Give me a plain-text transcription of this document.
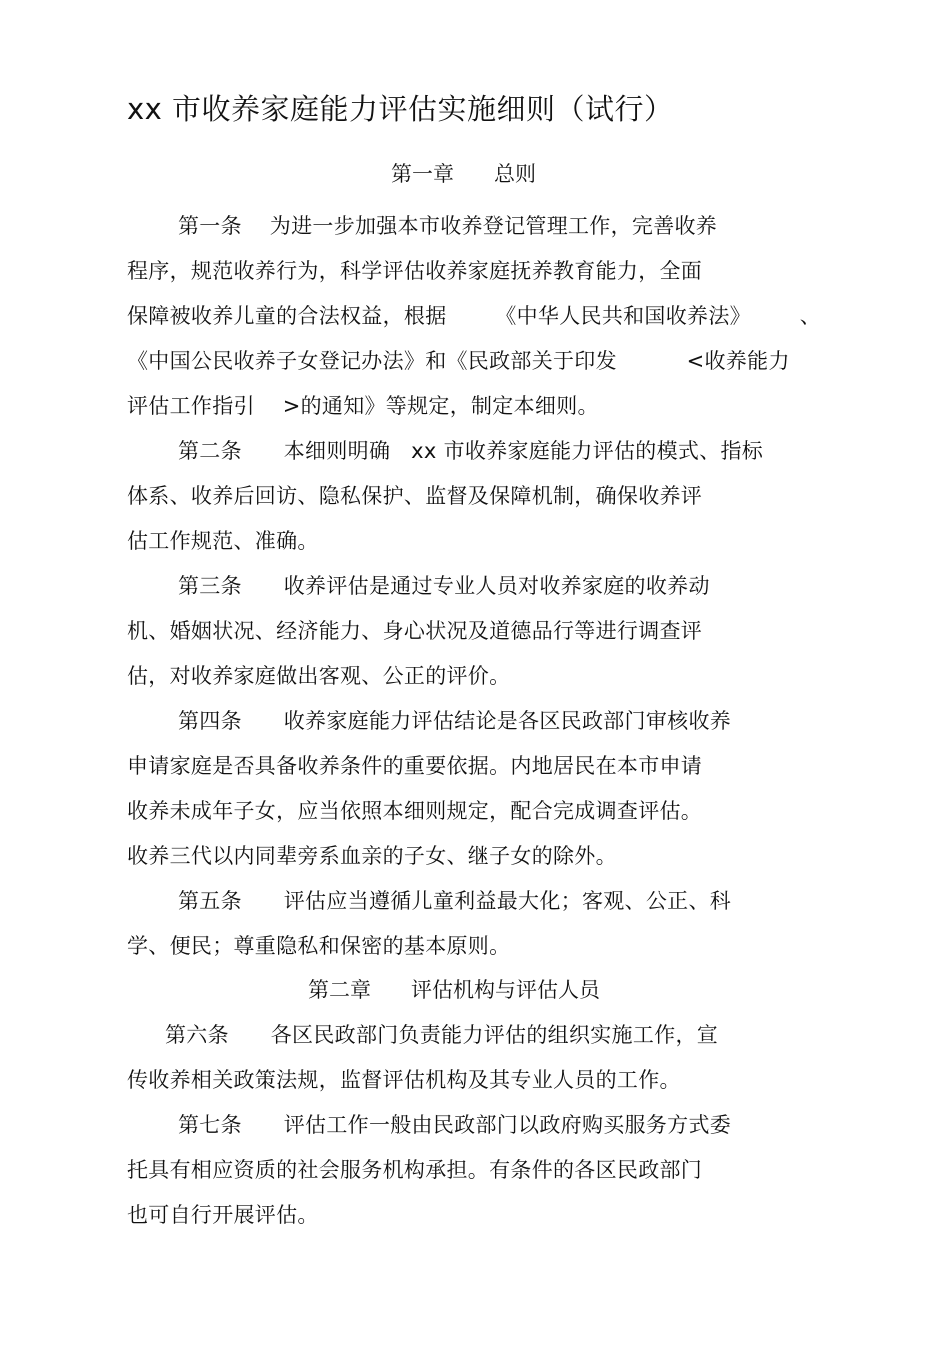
xx 市收养家庭能力评估实施细则（试行）
第一章      总则
第一条    为进一步加强本市收养登记管理工作，完善收养
程序，规范收养行为，科学评估收养家庭抚养教育能力，全面
保障被收养儿童的合法权益，根据       《中华人民共和国收养法》       、
《中国公民收养子女登记办法》和《民政部关于印发          <收养能力
评估工作指引    >的通知》等规定，制定本细则。
第二条      本细则明确   xx 市收养家庭能力评估的模式、指标
体系、收养后回访、隐私保护、监督及保障机制，确保收养评
估工作规范、准确。
第三条      收养评估是通过专业人员对收养家庭的收养动
机、婚姻状况、经济能力、身心状况及道德品行等进行调查评
估，对收养家庭做出客观、公正的评价。
第四条      收养家庭能力评估结论是各区民政部门审核收养
申请家庭是否具备收养条件的重要依据。内地居民在本市申请
收养未成年子女，应当依照本细则规定，配合完成调查评估。
收养三代以内同辈旁系血亲的子女、继子女的除外。
第五条      评估应当遵循儿童利益最大化；客观、公正、科
学、便民；尊重隐私和保密的基本原则。
第二章      评估机构与评估人员
第六条      各区民政部门负责能力评估的组织实施工作，宣
传收养相关政策法规，监督评估机构及其专业人员的工作。
第七条      评估工作一般由民政部门以政府购买服务方式委
托具有相应资质的社会服务机构承担。有条件的各区民政部门
也可自行开展评估。
